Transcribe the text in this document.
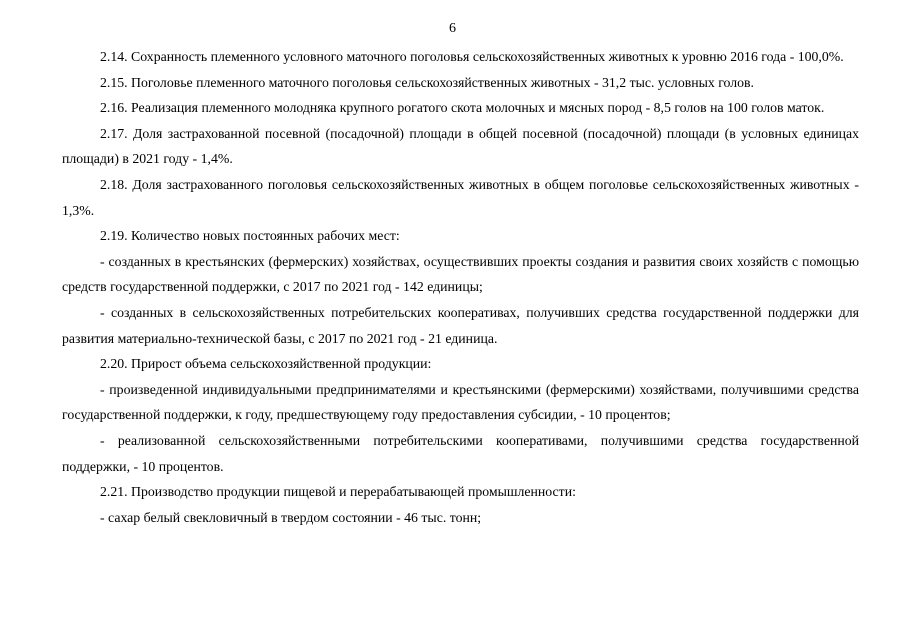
6

2.14. Сохранность племенного условного маточного поголовья сельскохозяйственных животных к уровню 2016 года - 100,0%.

2.15. Поголовье племенного маточного поголовья сельскохозяйственных животных - 31,2 тыс. условных голов.

2.16. Реализация племенного молодняка крупного рогатого скота молочных и мясных пород - 8,5 голов на 100 голов маток.

2.17. Доля застрахованной посевной (посадочной) площади в общей посевной (посадочной) площади (в условных единицах площади) в 2021 году - 1,4%.

2.18. Доля застрахованного поголовья сельскохозяйственных животных в общем поголовье сельскохозяйственных животных - 1,3%.

2.19. Количество новых постоянных рабочих мест:

- созданных в крестьянских (фермерских) хозяйствах, осуществивших проекты создания и развития своих хозяйств с помощью средств государственной поддержки, с 2017 по 2021 год - 142 единицы;

- созданных в сельскохозяйственных потребительских кооперативах, получивших средства государственной поддержки для развития материально-технической базы, с 2017 по 2021 год - 21 единица.

2.20. Прирост объема сельскохозяйственной продукции:

- произведенной индивидуальными предпринимателями и крестьянскими (фермерскими) хозяйствами, получившими средства государственной поддержки, к году, предшествующему году предоставления субсидии, - 10 процентов;

- реализованной сельскохозяйственными потребительскими кооперативами, получившими средства государственной поддержки, - 10 процентов.

2.21. Производство продукции пищевой и перерабатывающей промышленности:

- сахар белый свекловичный в твердом состоянии - 46 тыс. тонн;
